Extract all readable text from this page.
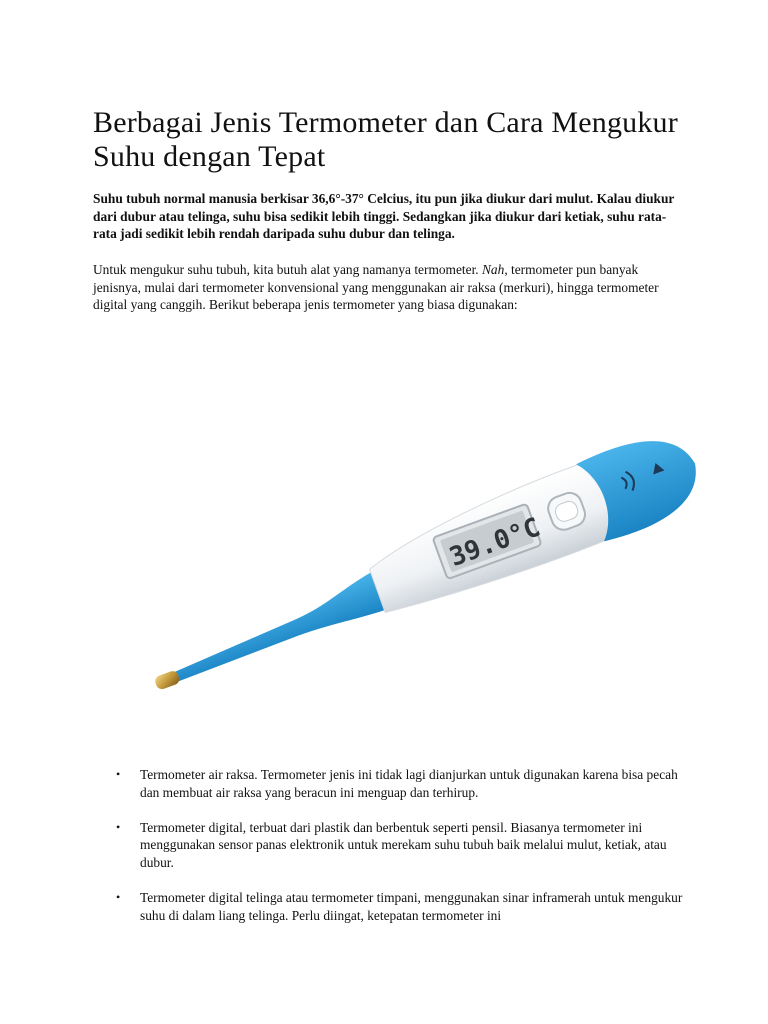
Berbagai Jenis Termometer dan Cara Mengukur Suhu dengan Tepat

Suhu tubuh normal manusia berkisar 36,6°-37° Celcius, itu pun jika diukur dari mulut. Kalau diukur dari dubur atau telinga, suhu bisa sedikit lebih tinggi. Sedangkan jika diukur dari ketiak, suhu rata-rata jadi sedikit lebih rendah daripada suhu dubur dan telinga.

Untuk mengukur suhu tubuh, kita butuh alat yang namanya termometer. Nah, termometer pun banyak jenisnya, mulai dari termometer konvensional yang menggunakan air raksa (merkuri), hingga termometer digital yang canggih. Berikut beberapa jenis termometer yang biasa digunakan:

39.0°C
• Termometer air raksa. Termometer jenis ini tidak lagi dianjurkan untuk digunakan karena bisa pecah dan membuat air raksa yang beracun ini menguap dan terhirup.
• Termometer digital, terbuat dari plastik dan berbentuk seperti pensil. Biasanya termometer ini menggunakan sensor panas elektronik untuk merekam suhu tubuh baik melalui mulut, ketiak, atau dubur.
• Termometer digital telinga atau termometer timpani, menggunakan sinar inframerah untuk mengukur suhu di dalam liang telinga. Perlu diingat, ketepatan termometer ini
